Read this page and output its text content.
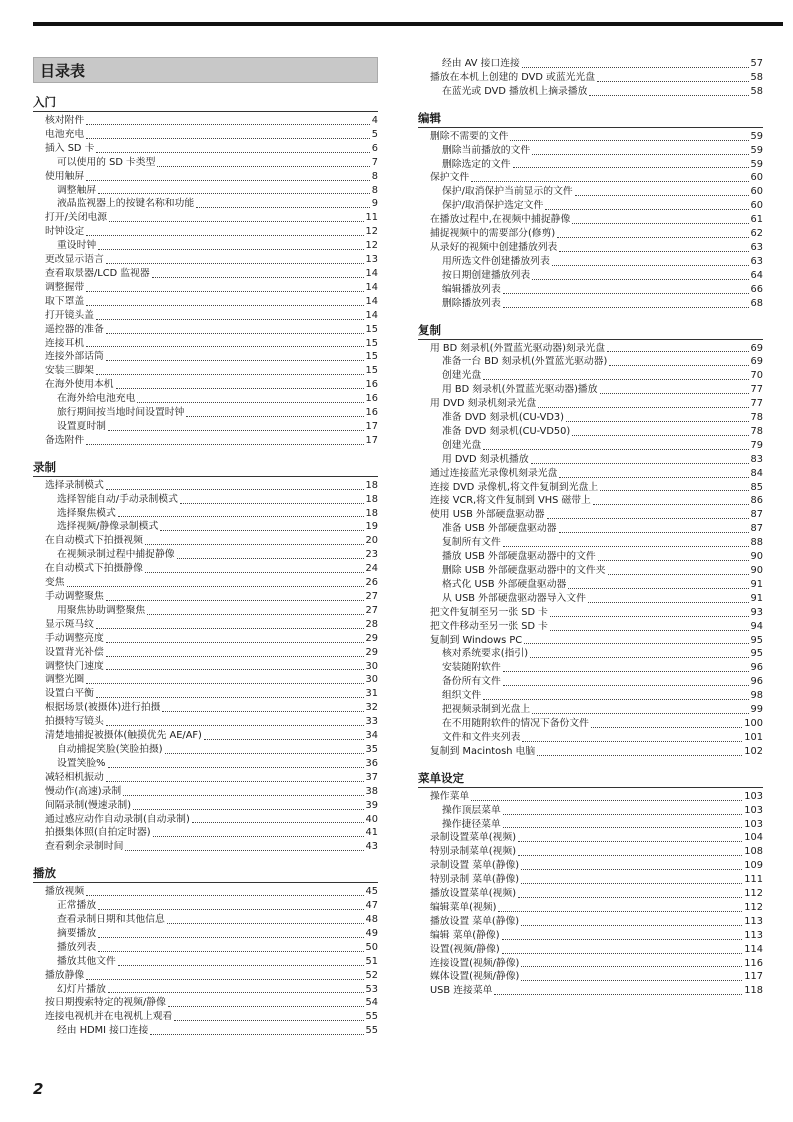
目录表
入门
核对附件	4
电池充电	5
插入 SD 卡	6
可以使用的 SD 卡类型	7
使用触屏	8
调整触屏	8
液晶监视器上的按键名称和功能	9
打开/关闭电源	11
时钟设定	12
重设时钟	12
更改显示语言	13
查看取景器/LCD 监视器	14
调整握带	14
取下罩盖	14
打开镜头盖	14
遥控器的准备	15
连接耳机	15
连接外部话筒	15
安装三脚架	15
在海外使用本机	16
在海外给电池充电	16
旅行期间按当地时间设置时钟	16
设置夏时制	17
备选附件	17
录制
选择录制模式	18
选择智能自动/手动录制模式	18
选择聚焦模式	18
选择视频/静像录制模式	19
在自动模式下拍摄视频	20
在视频录制过程中捕捉静像	23
在自动模式下拍摄静像	24
变焦	26
手动调整聚焦	27
用聚焦协助调整聚焦	27
显示斑马纹	28
手动调整亮度	29
设置背光补偿	29
调整快门速度	30
调整光圈	30
设置白平衡	31
根据场景(被摄体)进行拍摄	32
拍摄特写镜头	33
清楚地捕捉被摄体(触摸优先 AE/AF)	34
自动捕捉笑脸(笑脸拍摄)	35
设置笑脸%	36
减轻相机振动	37
慢动作(高速)录制	38
间隔录制(慢速录制)	39
通过感应动作自动录制(自动录制)	40
拍摄集体照(自拍定时器)	41
查看剩余录制时间	43
播放
播放视频	45
正常播放	47
查看录制日期和其他信息	48
摘要播放	49
播放列表	50
播放其他文件	51
播放静像	52
幻灯片播放	53
按日期搜索特定的视频/静像	54
连接电视机并在电视机上观看	55
经由 HDMI 接口连接	55
经由 AV 接口连接	57
播放在本机上创建的 DVD 或蓝光光盘	58
在蓝光或 DVD 播放机上摘录播放	58
编辑
删除不需要的文件	59
删除当前播放的文件	59
删除选定的文件	59
保护文件	60
保护/取消保护当前显示的文件	60
保护/取消保护选定文件	60
在播放过程中,在视频中捕捉静像	61
捕捉视频中的需要部分(修剪)	62
从录好的视频中创建播放列表	63
用所选文件创建播放列表	63
按日期创建播放列表	64
编辑播放列表	66
删除播放列表	68
复制
用 BD 刻录机(外置蓝光驱动器)刻录光盘	69
准备一台 BD 刻录机(外置蓝光驱动器)	69
创建光盘	70
用 BD 刻录机(外置蓝光驱动器)播放	77
用 DVD 刻录机刻录光盘	77
准备 DVD 刻录机(CU-VD3)	78
准备 DVD 刻录机(CU-VD50)	78
创建光盘	79
用 DVD 刻录机播放	83
通过连接蓝光录像机刻录光盘	84
连接 DVD 录像机,将文件复制到光盘上	85
连接 VCR,将文件复制到 VHS 磁带上	86
使用 USB 外部硬盘驱动器	87
准备 USB 外部硬盘驱动器	87
复制所有文件	88
播放 USB 外部硬盘驱动器中的文件	90
删除 USB 外部硬盘驱动器中的文件夹	90
格式化 USB 外部硬盘驱动器	91
从 USB 外部硬盘驱动器导入文件	91
把文件复制至另一张 SD 卡	93
把文件移动至另一张 SD 卡	94
复制到 Windows PC	95
核对系统要求(指引)	95
安装随附软件	96
备份所有文件	96
组织文件	98
把视频录制到光盘上	99
在不用随附软件的情况下备份文件	100
文件和文件夹列表	101
复制到 Macintosh 电脑	102
菜单设定
操作菜单	103
操作顶层菜单	103
操作捷径菜单	103
录制设置菜单(视频)	104
特别录制菜单(视频)	108
录制设置 菜单(静像)	109
特别录制 菜单(静像)	111
播放设置菜单(视频)	112
编辑菜单(视频)	112
播放设置 菜单(静像)	113
编辑 菜单(静像)	113
设置(视频/静像)	114
连接设置(视频/静像)	116
媒体设置(视频/静像)	117
USB 连接菜单	118
2
